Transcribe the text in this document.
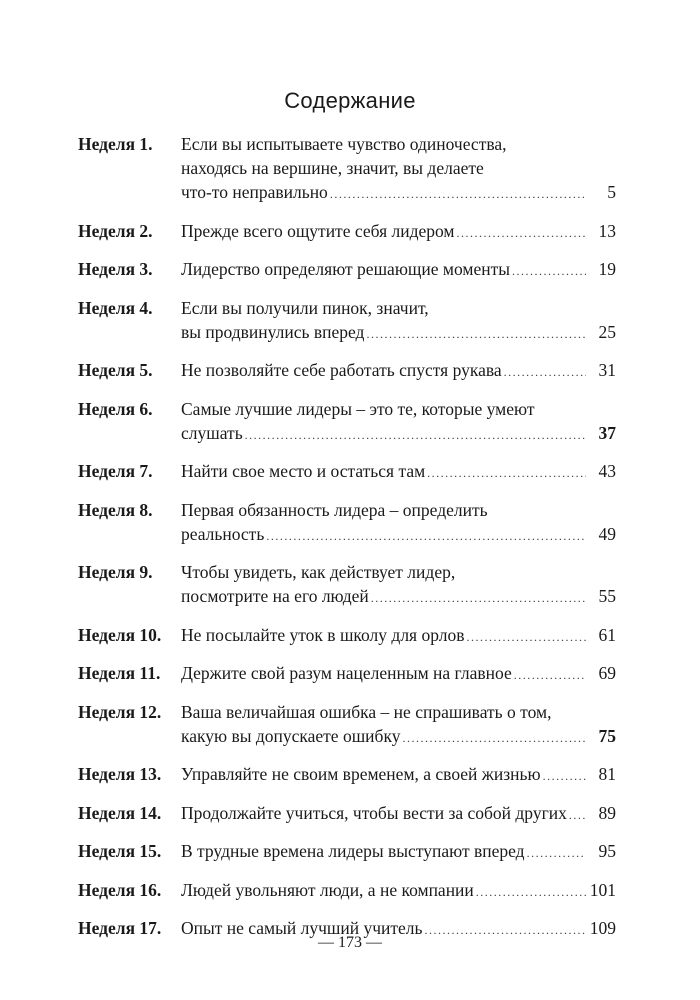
Содержание
Неделя 1.	Если вы испытываете чувство одиночества,
находясь на вершине, значит, вы делаете
что-то неправильно .....	5
Неделя 2.	Прежде всего ощутите себя лидером .....	13
Неделя 3.	Лидерство определяют решающие моменты .....	19
Неделя 4.	Если вы получили пинок, значит,
вы продвинулись вперед .....	25
Неделя 5.	Не позволяйте себе работать спустя рукава .....	31
Неделя 6.	Самые лучшие лидеры – это те, которые умеют
слушать .....	37
Неделя 7.	Найти свое место и остаться там .....	43
Неделя 8.	Первая обязанность лидера – определить
реальность .....	49
Неделя 9.	Чтобы увидеть, как действует лидер,
посмотрите на его людей .....	55
Неделя 10.	Не посылайте уток в школу для орлов .....	61
Неделя 11.	Держите свой разум нацеленным на главное .....	69
Неделя 12.	Ваша величайшая ошибка – не спрашивать о том,
какую вы допускаете ошибку .....	75
Неделя 13.	Управляйте не своим временем, а своей жизнью .....	81
Неделя 14.	Продолжайте учиться, чтобы вести за собой других .....	89
Неделя 15.	В трудные времена лидеры выступают вперед .....	95
Неделя 16.	Людей увольняют люди, а не компании .....	101
Неделя 17.	Опыт не самый лучший учитель .....	109
— 173 —
